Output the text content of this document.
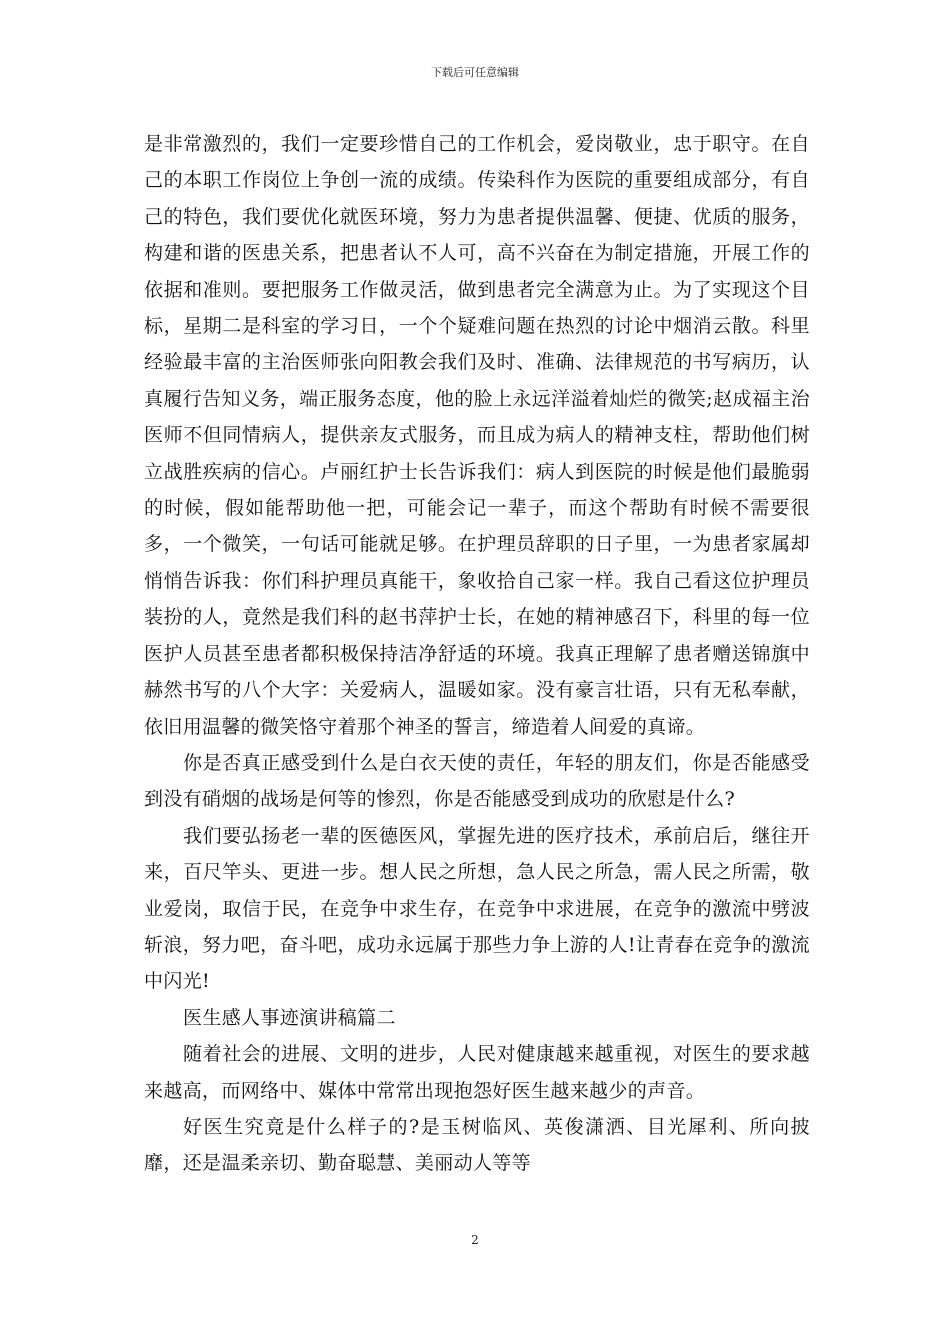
下载后可任意编辑

是非常激烈的，我们一定要珍惜自己的工作机会，爱岗敬业，忠于职守。在自己的本职工作岗位上争创一流的成绩。传染科作为医院的重要组成部分，有自己的特色，我们要优化就医环境，努力为患者提供温馨、便捷、优质的服务，构建和谐的医患关系，把患者认不人可，高不兴奋在为制定措施，开展工作的依据和准则。要把服务工作做灵活，做到患者完全满意为止。为了实现这个目标，星期二是科室的学习日，一个个疑难问题在热烈的讨论中烟消云散。科里经验最丰富的主治医师张向阳教会我们及时、准确、法律规范的书写病历，认真履行告知义务，端正服务态度，他的脸上永远洋溢着灿烂的微笑;赵成福主治医师不但同情病人，提供亲友式服务，而且成为病人的精神支柱，帮助他们树立战胜疾病的信心。卢丽红护士长告诉我们：病人到医院的时候是他们最脆弱的时候，假如能帮助他一把，可能会记一辈子，而这个帮助有时候不需要很多，一个微笑，一句话可能就足够。在护理员辞职的日子里，一为患者家属却悄悄告诉我：你们科护理员真能干，象收拾自己家一样。我自己看这位护理员装扮的人，竟然是我们科的赵书萍护士长，在她的精神感召下，科里的每一位医护人员甚至患者都积极保持洁净舒适的环境。我真正理解了患者赠送锦旗中赫然书写的八个大字：关爱病人，温暖如家。没有豪言壮语，只有无私奉献，依旧用温馨的微笑恪守着那个神圣的誓言，缔造着人间爱的真谛。

你是否真正感受到什么是白衣天使的责任，年轻的朋友们，你是否能感受到没有硝烟的战场是何等的惨烈，你是否能感受到成功的欣慰是什么?

我们要弘扬老一辈的医德医风，掌握先进的医疗技术，承前启后，继往开来，百尺竿头、更进一步。想人民之所想，急人民之所急，需人民之所需，敬业爱岗，取信于民，在竞争中求生存，在竞争中求进展，在竞争的激流中劈波斩浪，努力吧，奋斗吧，成功永远属于那些力争上游的人!让青春在竞争的激流中闪光!

医生感人事迹演讲稿篇二

随着社会的进展、文明的进步，人民对健康越来越重视，对医生的要求越来越高，而网络中、媒体中常常出现抱怨好医生越来越少的声音。

好医生究竟是什么样子的?是玉树临风、英俊潇洒、目光犀利、所向披靡，还是温柔亲切、勤奋聪慧、美丽动人等等

2
